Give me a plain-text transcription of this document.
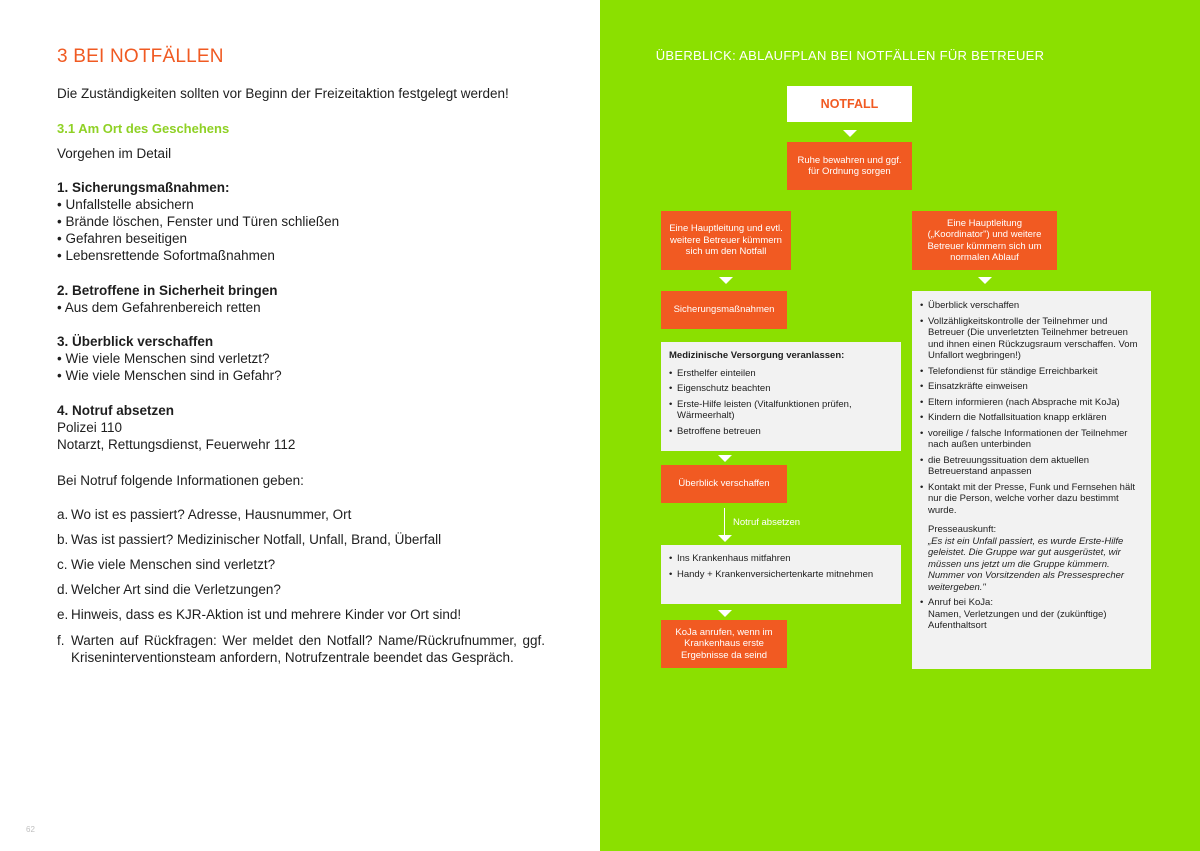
3 BEI NOTFÄLLEN
Die Zuständigkeiten sollten vor Beginn der Freizeitaktion festgelegt werden!
3.1 Am Ort des Geschehens
Vorgehen im Detail
1. Sicherungsmaßnahmen:
• Unfallstelle absichern
• Brände löschen, Fenster und Türen schließen
• Gefahren beseitigen
• Lebensrettende Sofortmaßnahmen
2. Betroffene in Sicherheit bringen
• Aus dem Gefahrenbereich retten
3. Überblick verschaffen
• Wie viele Menschen sind verletzt?
• Wie viele Menschen sind in Gefahr?
4. Notruf absetzen
Polizei 110
Notarzt, Rettungsdienst, Feuerwehr 112
Bei Notruf folgende Informationen geben:
a. Wo ist es passiert? Adresse, Hausnummer, Ort
b. Was ist passiert? Medizinischer Notfall, Unfall, Brand, Überfall
c. Wie viele Menschen sind verletzt?
d. Welcher Art sind die Verletzungen?
e. Hinweis, dass es KJR-Aktion ist und mehrere Kinder vor Ort sind!
f. Warten auf Rückfragen: Wer meldet den Notfall? Name/Rückrufnummer, ggf. Kriseninterventionsteam anfordern, Notrufzentrale beendet das Gespräch.
62
ÜBERBLICK: ABLAUFPLAN BEI NOTFÄLLEN FÜR BETREUER
NOTFALL
Ruhe bewahren und ggf. für Ordnung sorgen
Eine Hauptleitung und evtl. weitere Betreuer kümmern sich um den Notfall
Eine Hauptleitung („Koordinator") und weitere Betreuer kümmern sich um normalen Ablauf
Sicherungsmaßnahmen
Medizinische Versorgung veranlassen:
• Ersthelfer einteilen
• Eigenschutz beachten
• Erste-Hilfe leisten (Vitalfunktionen prüfen, Wärmeerhalt)
• Betroffene betreuen
Überblick verschaffen
Notruf absetzen
• Ins Krankenhaus mitfahren
• Handy + Krankenversichertenkarte mitnehmen
KoJa anrufen, wenn im Krankenhaus erste Ergebnisse da seind
• Überblick verschaffen
• Vollzähligkeitskontrolle der Teilnehmer und Betreuer (Die unverletzten Teilnehmer betreuen und ihnen einen Rückzugsraum verschaffen. Vom Unfallort wegbringen!)
• Telefondienst für ständige Erreichbarkeit
• Einsatzkräfte einweisen
• Eltern informieren (nach Absprache mit KoJa)
• Kindern die Notfallsituation knapp erklären
• voreilige / falsche Informationen der Teilnehmer nach außen unterbinden
• die Betreuungssituation dem aktuellen Betreuerstand anpassen
• Kontakt mit der Presse, Funk und Fernsehen hält nur die Person, welche vorher dazu bestimmt wurde.
Presseauskunft:
„Es ist ein Unfall passiert, es wurde Erste-Hilfe geleistet. Die Gruppe war gut ausgerüstet, wir müssen uns jetzt um die Gruppe kümmern. Nummer von Vorsitzenden als Pressesprecher weitergeben."
• Anruf bei KoJa:
Namen, Verletzungen und der (zukünftige) Aufenthaltsort
